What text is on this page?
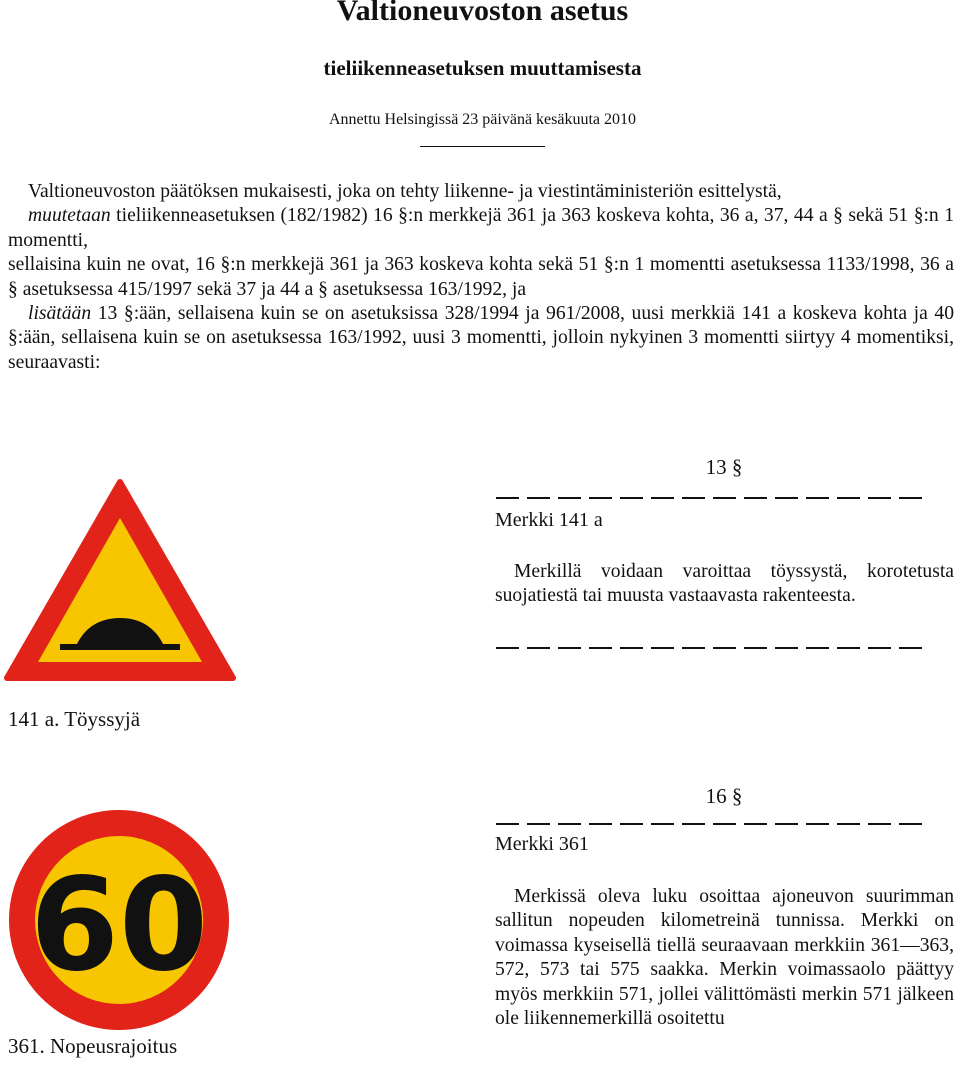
Valtioneuvoston asetus
tieliikenneasetuksen muuttamisesta
Annettu Helsingissä 23 päivänä kesäkuuta 2010

Valtioneuvoston päätöksen mukaisesti, joka on tehty liikenne- ja viestintäministeriön esittelystä,

muutetaan tieliikenneasetuksen (182/1982) 16 §:n merkkejä 361 ja 363 koskeva kohta, 36 a, 37, 44 a § sekä 51 §:n 1 momentti,

sellaisina kuin ne ovat, 16 §:n merkkejä 361 ja 363 koskeva kohta sekä 51 §:n 1 momentti asetuksessa 1133/1998, 36 a § asetuksessa 415/1997 sekä 37 ja 44 a § asetuksessa 163/1992, ja

lisätään 13 §:ään, sellaisena kuin se on asetuksissa 328/1994 ja 961/2008, uusi merkkiä 141 a koskeva kohta ja 40 §:ään, sellaisena kuin se on asetuksessa 163/1992, uusi 3 momentti, jolloin nykyinen 3 momentti siirtyy 4 momentiksi, seuraavasti:

141 a. Töyssyjä
13 §
Merkki 141 a
Merkillä voidaan varoittaa töyssystä, korotetusta suojatiestä tai muusta vastaavasta rakenteesta.
60
361. Nopeusrajoitus
16 §
Merkki 361
Merkissä oleva luku osoittaa ajoneuvon suurimman sallitun nopeuden kilometreinä tunnissa. Merkki on voimassa kyseisellä tiellä seuraavaan merkkiin 361—363, 572, 573 tai 575 saakka. Merkin voimassaolo päättyy myös merkkiin 571, jollei välittömästi merkin 571 jälkeen ole liikennemerkillä osoitettu
